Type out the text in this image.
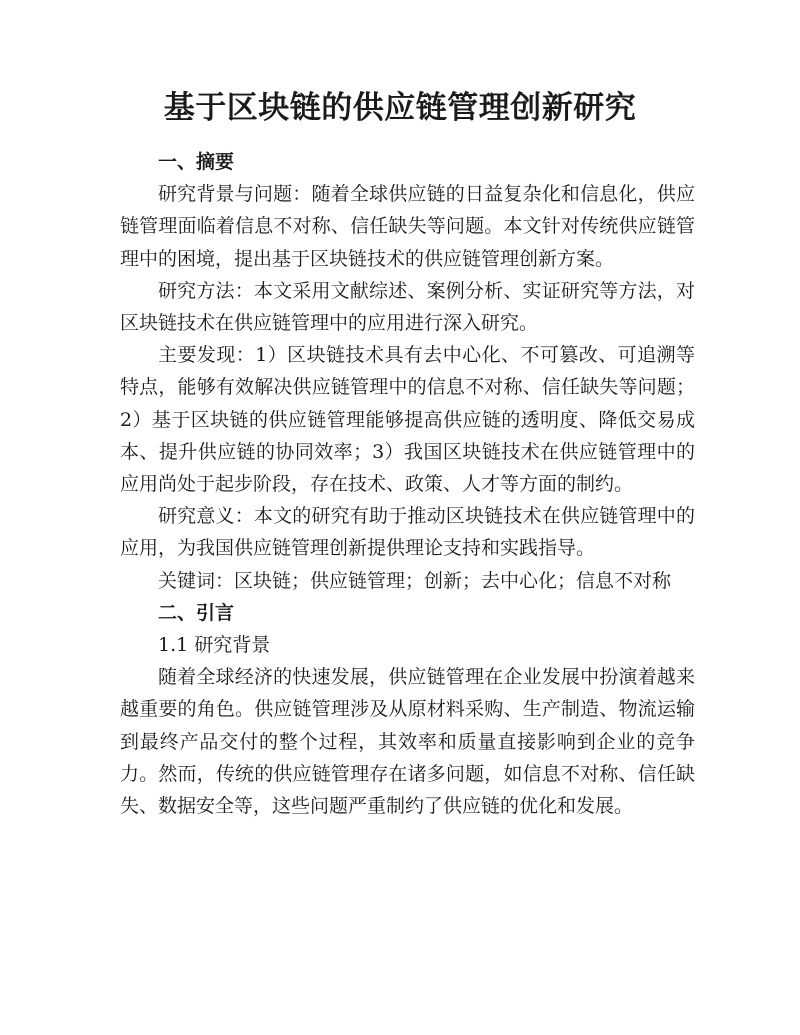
基于区块链的供应链管理创新研究

一、摘要

研究背景与问题：随着全球供应链的日益复杂化和信息化，供应链管理面临着信息不对称、信任缺失等问题。本文针对传统供应链管理中的困境，提出基于区块链技术的供应链管理创新方案。

研究方法：本文采用文献综述、案例分析、实证研究等方法，对区块链技术在供应链管理中的应用进行深入研究。

主要发现：1）区块链技术具有去中心化、不可篡改、可追溯等特点，能够有效解决供应链管理中的信息不对称、信任缺失等问题；2）基于区块链的供应链管理能够提高供应链的透明度、降低交易成本、提升供应链的协同效率；3）我国区块链技术在供应链管理中的应用尚处于起步阶段，存在技术、政策、人才等方面的制约。

研究意义：本文的研究有助于推动区块链技术在供应链管理中的应用，为我国供应链管理创新提供理论支持和实践指导。

关键词：区块链；供应链管理；创新；去中心化；信息不对称

二、引言

1.1 研究背景

随着全球经济的快速发展，供应链管理在企业发展中扮演着越来越重要的角色。供应链管理涉及从原材料采购、生产制造、物流运输到最终产品交付的整个过程，其效率和质量直接影响到企业的竞争力。然而，传统的供应链管理存在诸多问题，如信息不对称、信任缺失、数据安全等，这些问题严重制约了供应链的优化和发展。
